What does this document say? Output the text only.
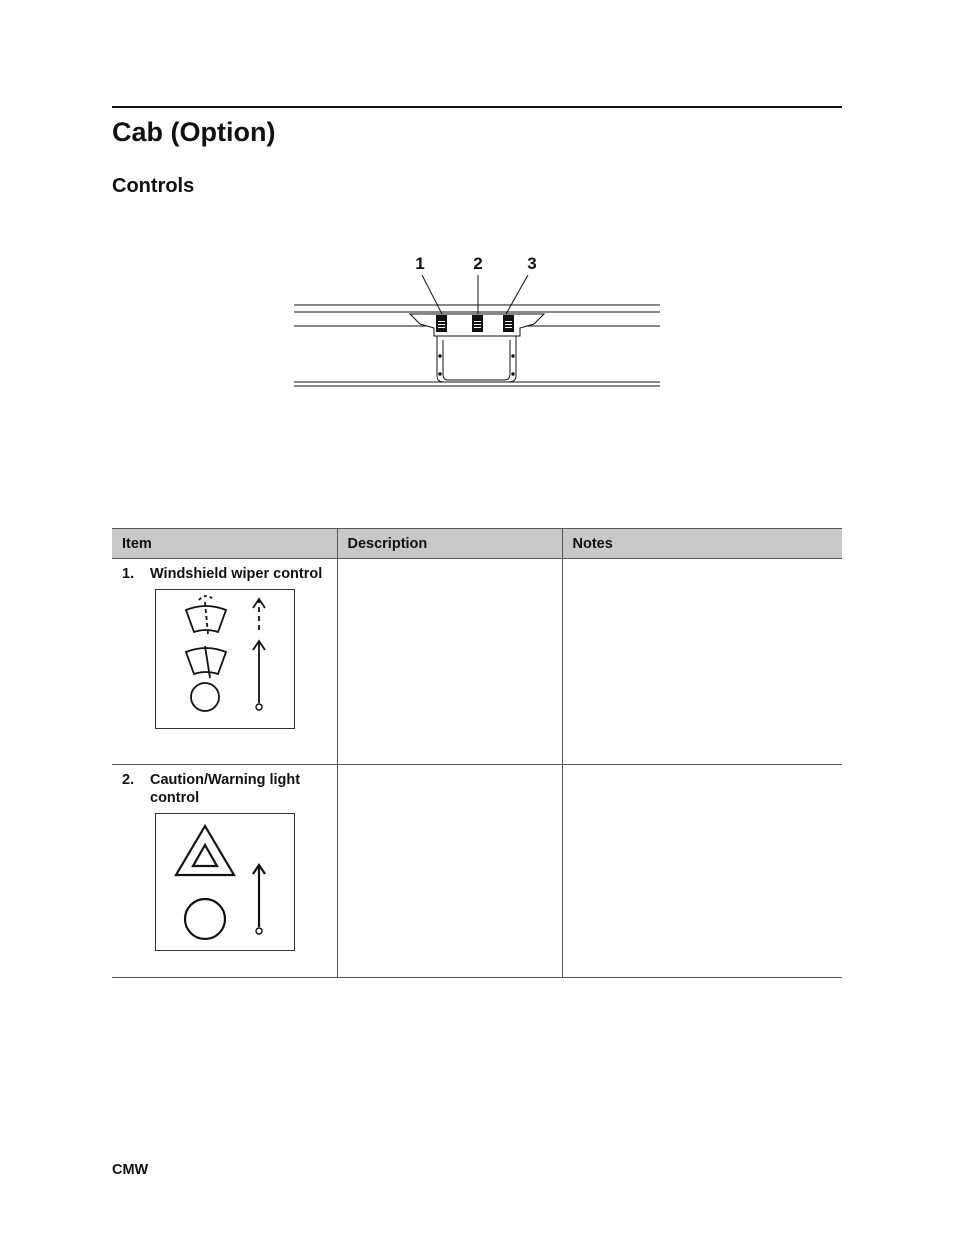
Cab (Option)
Controls
1	2	3
Item	Description	Notes

1. Windshield wiper control		

2. Caution/Warning light control		

CMW
